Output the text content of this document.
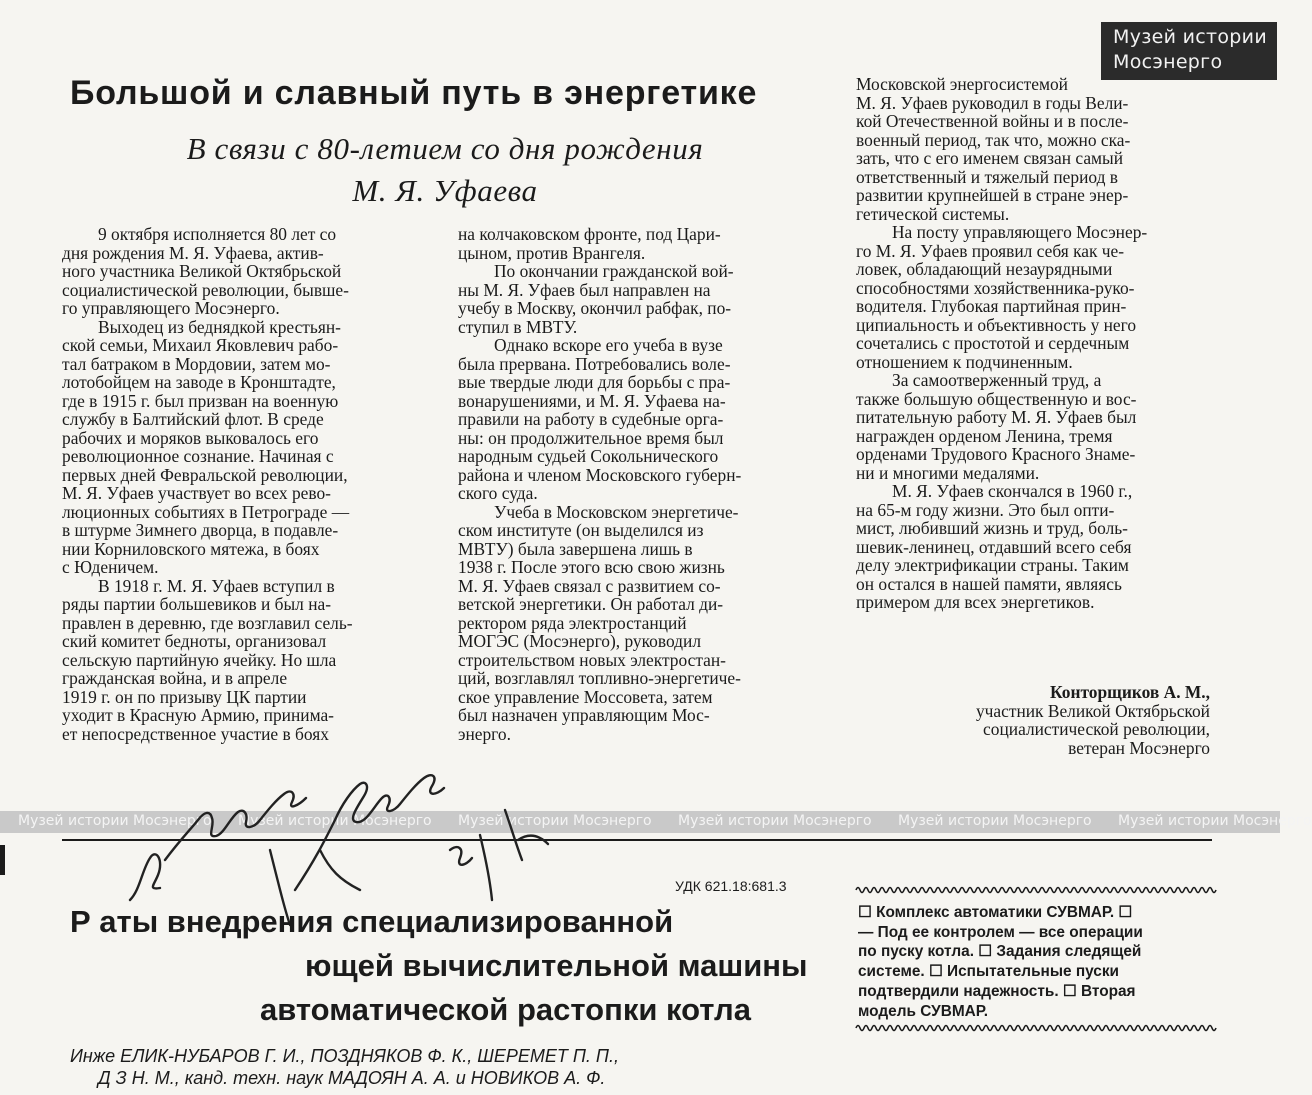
Музей истории
Мосэнерго
Большой и славный путь в энергетике
В связи с 80-летием со дня рождения
М. Я. Уфаева
9 октября исполняется 80 лет со
дня рождения М. Я. Уфаева, актив-
ного участника Великой Октябрьской
социалистической революции, бывше-
го управляющего Мосэнерго.
Выходец из беднядкой крестьян-
ской семьи, Михаил Яковлевич рабо-
тал батраком в Мордовии, затем мо-
лотобойцем на заводе в Кронштадте,
где в 1915 г. был призван на военную
службу в Балтийский флот. В среде
рабочих и моряков выковалось его
революционное сознание. Начиная с
первых дней Февральской революции,
М. Я. Уфаев участвует во всех рево-
люционных событиях в Петрограде —
в штурме Зимнего дворца, в подавле-
нии Корниловского мятежа, в боях
с Юденичем.
В 1918 г. М. Я. Уфаев вступил в
ряды партии большевиков и был на-
правлен в деревню, где возглавил сель-
ский комитет бедноты, организовал
сельскую партийную ячейку. Но шла
гражданская война, и в апреле
1919 г. он по призыву ЦК партии
уходит в Красную Армию, принима-
ет непосредственное участие в боях
на колчаковском фронте, под Цари-
цыном, против Врангеля.
По окончании гражданской вой-
ны М. Я. Уфаев был направлен на
учебу в Москву, окончил рабфак, по-
ступил в МВТУ.
Однако вскоре его учеба в вузе
была прервана. Потребовались воле-
вые твердые люди для борьбы с пра-
вонарушениями, и М. Я. Уфаева на-
правили на работу в судебные орга-
ны: он продолжительное время был
народным судьей Сокольнического
района и членом Московского губерн-
ского суда.
Учеба в Московском энергетиче-
ском институте (он выделился из
МВТУ) была завершена лишь в
1938 г. После этого всю свою жизнь
М. Я. Уфаев связал с развитием со-
ветской энергетики. Он работал ди-
ректором ряда электростанций
МОГЭС (Мосэнерго), руководил
строительством новых электростан-
ций, возглавлял топливно-энергетиче-
ское управление Моссовета, затем
был назначен управляющим Мос-
энерго.
Московской энергосистемой
М. Я. Уфаев руководил в годы Вели-
кой Отечественной войны и в после-
военный период, так что, можно ска-
зать, что с его именем связан самый
ответственный и тяжелый период в
развитии крупнейшей в стране энер-
гетической системы.
На посту управляющего Мосэнер-
го М. Я. Уфаев проявил себя как че-
ловек, обладающий незаурядными
способностями хозяйственника-руко-
водителя. Глубокая партийная прин-
ципиальность и объективность у него
сочетались с простотой и сердечным
отношением к подчиненным.
За самоотверженный труд, а
также большую общественную и вос-
питательную работу М. Я. Уфаев был
награжден орденом Ленина, тремя
орденами Трудового Красного Знаме-
ни и многими медалями.
М. Я. Уфаев скончался в 1960 г.,
на 65-м году жизни. Это был опти-
мист, любивший жизнь и труд, боль-
шевик-ленинец, отдавший всего себя
делу электрификации страны. Таким
он остался в нашей памяти, являясь
примером для всех энергетиков.
Конторщиков А. М.,
участник Великой Октябрьской
социалистической революции,
ветеран Мосэнерго
Музей истории Мосэнерго Музей истории Мосэнерго Музей истории Мосэнерго Музей истории Мосэнерго Музей истории Мосэнерго Музей истории Мосэнерго
УДК 621.18:681.3
Р аты внедрения специализированной
ющей вычислительной машины
автоматической растопки котла
Инже ЕЛИК-НУБАРОВ Г. И., ПОЗДНЯКОВ Ф. К., ШЕРЕМЕТ П. П.,
Д З Н. М., канд. техн. наук МАДОЯН А. А. и НОВИКОВ А. Ф.
☐ Комплекс автоматики СУВМАР. ☐
— Под ее контролем — все операции
по пуску котла. ☐ Задания следящей
системе. ☐ Испытательные пуски
подтвердили надежность. ☐ Вторая
модель СУВМАР.
